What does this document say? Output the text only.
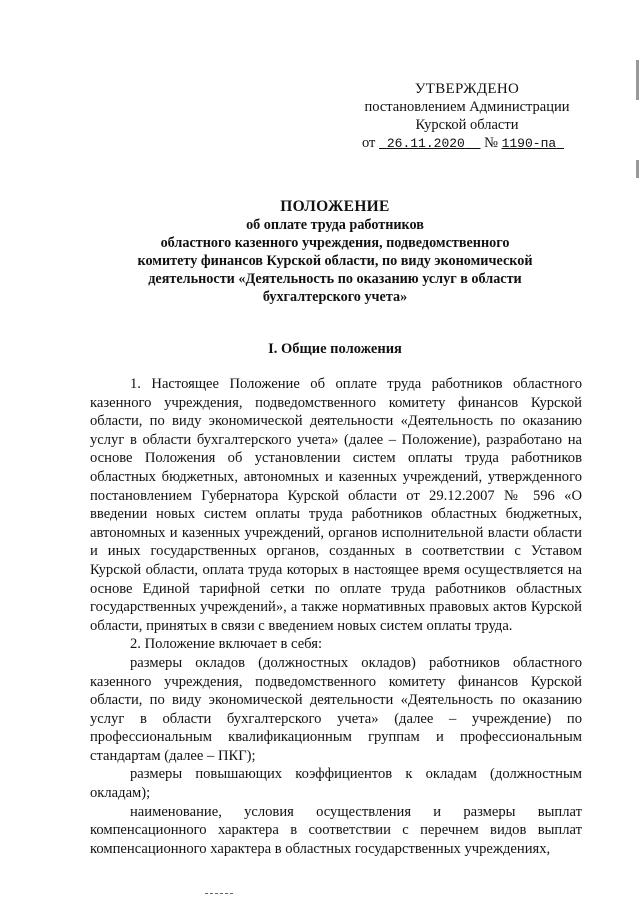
УТВЕРЖДЕНО
постановлением Администрации
Курской области
от 26.11.2020 № 1190-па
ПОЛОЖЕНИЕ
об оплате труда работников
областного казенного учреждения, подведомственного
комитету финансов Курской области, по виду экономической
деятельности «Деятельность по оказанию услуг в области
бухгалтерского учета»
I. Общие положения

1. Настоящее Положение об оплате труда работников областного казенного учреждения, подведомственного комитету финансов Курской области, по виду экономической деятельности «Деятельность по оказанию услуг в области бухгалтерского учета» (далее – Положение), разработано на основе Положения об установлении систем оплаты труда работников областных бюджетных, автономных и казенных учреждений, утвержденного постановлением Губернатора Курской области от 29.12.2007 № 596 «О введении новых систем оплаты труда работников областных бюджетных, автономных и казенных учреждений, органов исполнительной власти области и иных государственных органов, созданных в соответствии с Уставом Курской области, оплата труда которых в настоящее время осуществляется на основе Единой тарифной сетки по оплате труда работников областных государственных учреждений», а также нормативных правовых актов Курской области, принятых в связи с введением новых систем оплаты труда.

2. Положение включает в себя:

размеры окладов (должностных окладов) работников областного казенного учреждения, подведомственного комитету финансов Курской области, по виду экономической деятельности «Деятельность по оказанию услуг в области бухгалтерского учета» (далее – учреждение) по профессиональным квалификационным группам и профессиональным стандартам (далее – ПКГ);

размеры повышающих коэффициентов к окладам (должностным окладам);

наименование, условия осуществления и размеры выплат компенсационного характера в соответствии с перечнем видов выплат компенсационного характера в областных государственных учреждениях,
